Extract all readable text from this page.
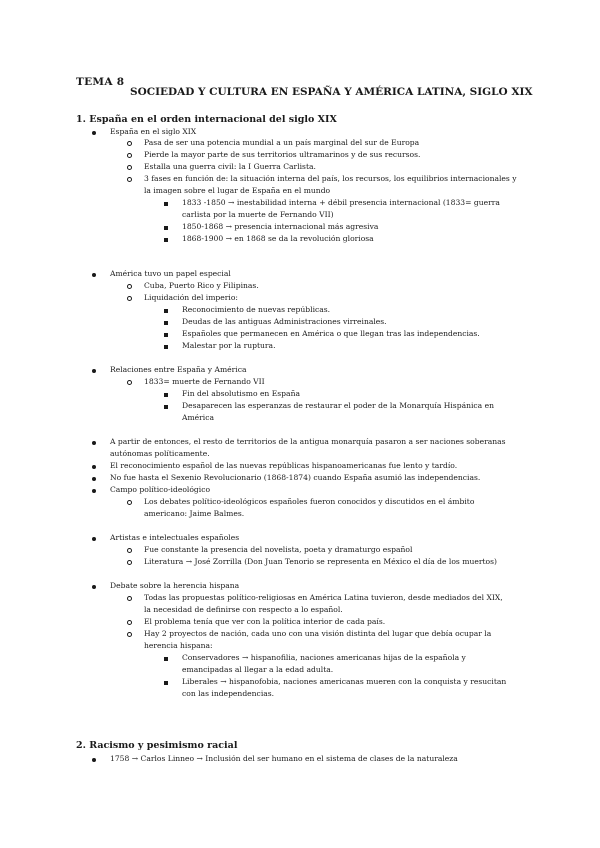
TEMA 8
SOCIEDAD Y CULTURA EN ESPAÑA Y AMÉRICA LATINA, SIGLO XIX
1. España en el orden internacional del siglo XIX
España en el siglo XIX
Pasa de ser una potencia mundial a un país marginal del sur de Europa
Pierde la mayor parte de sus territorios ultramarinos y de sus recursos.
Estalla una guerra civil: la I Guerra Carlista.
3 fases en función de: la situación interna del país, los recursos, los equilibrios internacionales y
la imagen sobre el lugar de España en el mundo
1833 -1850 → inestabilidad interna + débil presencia internacional (1833= guerra
carlista por la muerte de Fernando VII)
1850-1868 → presencia internacional más agresiva
1868-1900 → en 1868 se da la revolución gloriosa
América tuvo un papel especial
Cuba, Puerto Rico y Filipinas.
Liquidación del imperio:
Reconocimiento de nuevas repúblicas.
Deudas de las antiguas Administraciones virreinales.
Españoles que permanecen en América o que llegan tras las independencias.
Malestar por la ruptura.
Relaciones entre España y América
1833= muerte de Fernando VII
Fin del absolutismo en España
Desaparecen las esperanzas de restaurar el poder de la Monarquía Hispánica en
América
A partir de entonces, el resto de territorios de la antigua monarquía pasaron a ser naciones soberanas
autónomas políticamente.
El reconocimiento español de las nuevas repúblicas hispanoamericanas fue lento y tardío.
No fue hasta el Sexenio Revolucionario (1868-1874) cuando España asumió las independencias.
Campo político-ideológico
Los debates político-ideológicos españoles fueron conocidos y discutidos en el ámbito
americano: Jaime Balmes.
Artistas e intelectuales españoles
Fue constante la presencia del novelista, poeta y dramaturgo español
Literatura → José Zorrilla (Don Juan Tenorio se representa en México el día de los muertos)
Debate sobre la herencia hispana
Todas las propuestas político-religiosas en América Latina tuvieron, desde mediados del XIX,
la necesidad de definirse con respecto a lo español.
El problema tenía que ver con la política interior de cada país.
Hay 2 proyectos de nación, cada uno con una visión distinta del lugar que debía ocupar la
herencia hispana:
Conservadores → hispanofilia, naciones americanas hijas de la española y
emancipadas al llegar a la edad adulta.
Liberales → hispanofobia, naciones americanas mueren con la conquista y resucitan
con las independencias.
2. Racismo y pesimismo racial
1758 → Carlos Linneo → Inclusión del ser humano en el sistema de clases de la naturaleza
